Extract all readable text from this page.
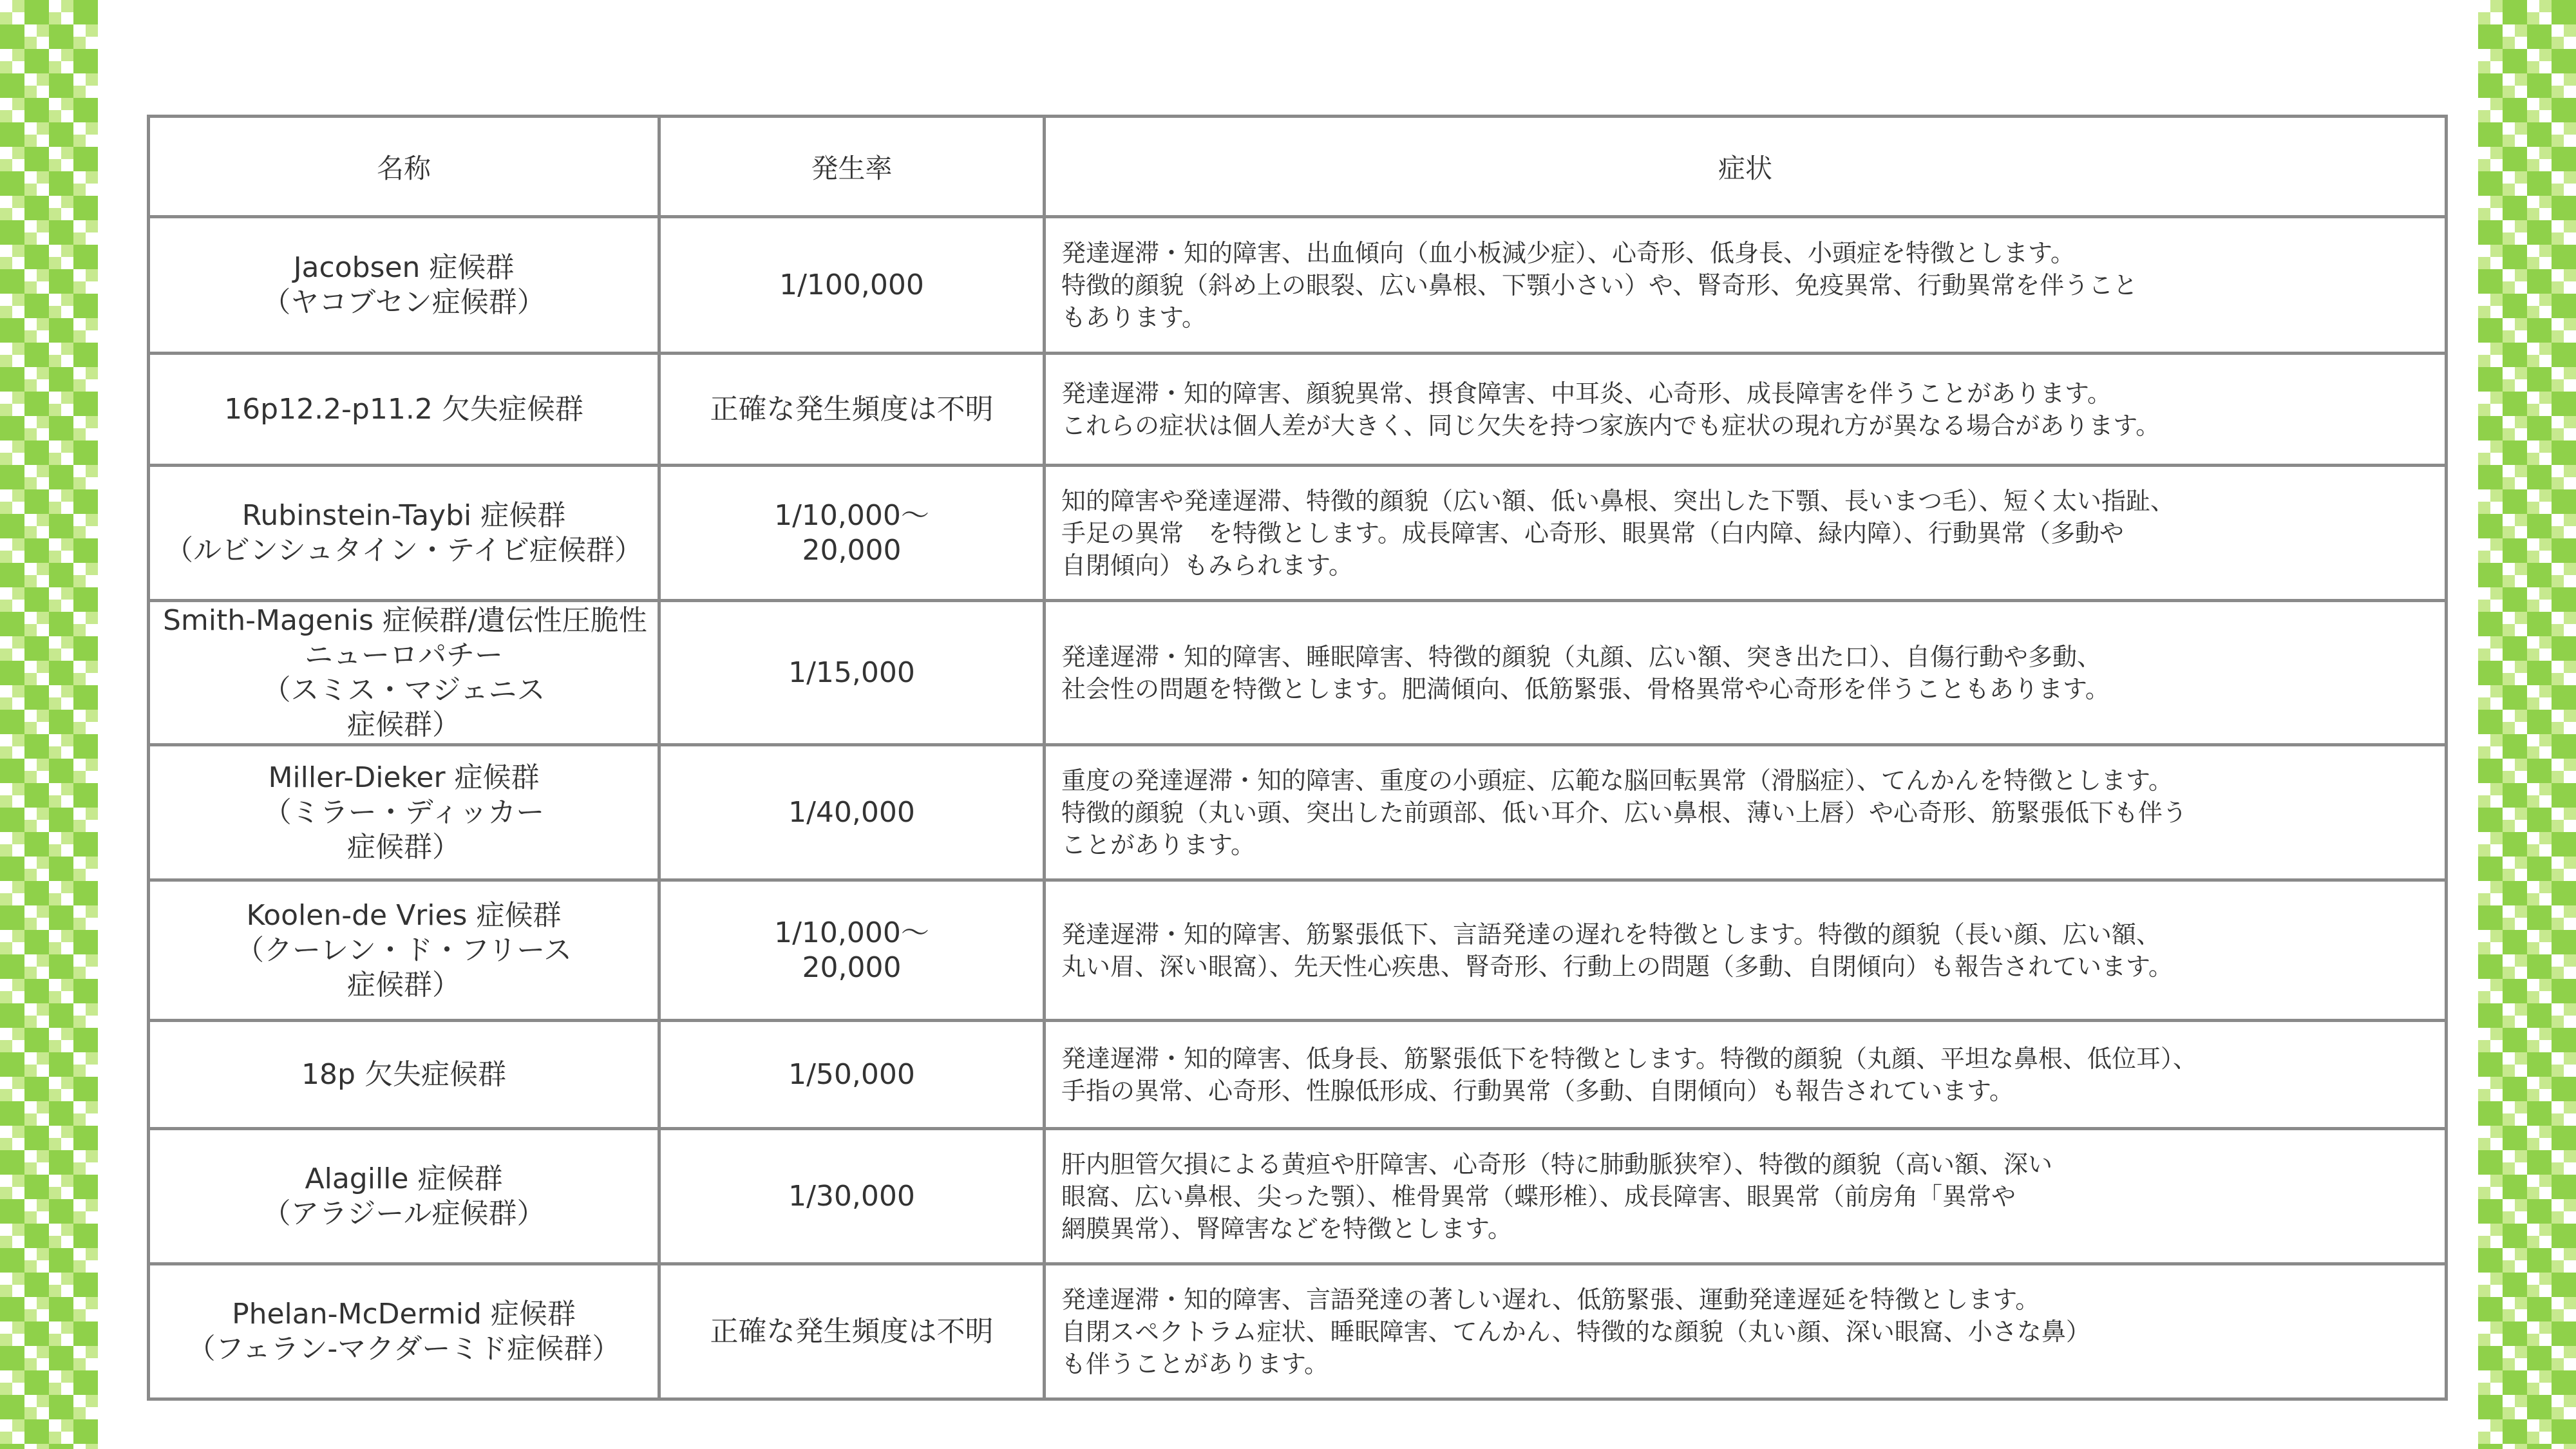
名称	発生率	症状

Jacobsen 症候群
（ヤコブセン症候群）	1/100,000	発達遅滞・知的障害、出血傾向（血小板減少症）、心奇形、低身長、小頭症を特徴とします。
特徴的顔貌（斜め上の眼裂、広い鼻根、下顎小さい）や、腎奇形、免疫異常、行動異常を伴うこと
もあります。

16p12.2-p11.2 欠失症候群	正確な発生頻度は不明	発達遅滞・知的障害、顔貌異常、摂食障害、中耳炎、心奇形、成長障害を伴うことがあります。
これらの症状は個人差が大きく、同じ欠失を持つ家族内でも症状の現れ方が異なる場合があります。

Rubinstein-Taybi 症候群
（ルビンシュタイン・テイビ症候群）	1/10,000～
20,000	知的障害や発達遅滞、特徴的顔貌（広い額、低い鼻根、突出した下顎、長いまつ毛）、短く太い指趾、
手足の異常　を特徴とします。成長障害、心奇形、眼異常（白内障、緑内障）、行動異常（多動や
自閉傾向）もみられます。

Smith-Magenis 症候群/遺伝性圧脆性
ニューロパチー
（スミス・マジェニス
症候群）	1/15,000	発達遅滞・知的障害、睡眠障害、特徴的顔貌（丸顔、広い額、突き出た口）、自傷行動や多動、
社会性の問題を特徴とします。肥満傾向、低筋緊張、骨格異常や心奇形を伴うこともあります。

Miller-Dieker 症候群
（ミラー・ディッカー
症候群）	1/40,000	重度の発達遅滞・知的障害、重度の小頭症、広範な脳回転異常（滑脳症）、てんかんを特徴とします。
特徴的顔貌（丸い頭、突出した前頭部、低い耳介、広い鼻根、薄い上唇）や心奇形、筋緊張低下も伴う
ことがあります。

Koolen-de Vries 症候群
（クーレン・ド・フリース
症候群）	1/10,000～
20,000	発達遅滞・知的障害、筋緊張低下、言語発達の遅れを特徴とします。特徴的顔貌（長い顔、広い額、
丸い眉、深い眼窩）、先天性心疾患、腎奇形、行動上の問題（多動、自閉傾向）も報告されています。

18p 欠失症候群	1/50,000	発達遅滞・知的障害、低身長、筋緊張低下を特徴とします。特徴的顔貌（丸顔、平坦な鼻根、低位耳）、
手指の異常、心奇形、性腺低形成、行動異常（多動、自閉傾向）も報告されています。

Alagille 症候群
（アラジール症候群）	1/30,000	肝内胆管欠損による黄疸や肝障害、心奇形（特に肺動脈狭窄）、特徴的顔貌（高い額、深い
眼窩、広い鼻根、尖った顎）、椎骨異常（蝶形椎）、成長障害、眼異常（前房角「異常や
網膜異常）、腎障害などを特徴とします。

Phelan-McDermid 症候群
（フェラン-マクダーミド症候群）	正確な発生頻度は不明	発達遅滞・知的障害、言語発達の著しい遅れ、低筋緊張、運動発達遅延を特徴とします。
自閉スペクトラム症状、睡眠障害、てんかん、特徴的な顔貌（丸い顔、深い眼窩、小さな鼻）
も伴うことがあります。
